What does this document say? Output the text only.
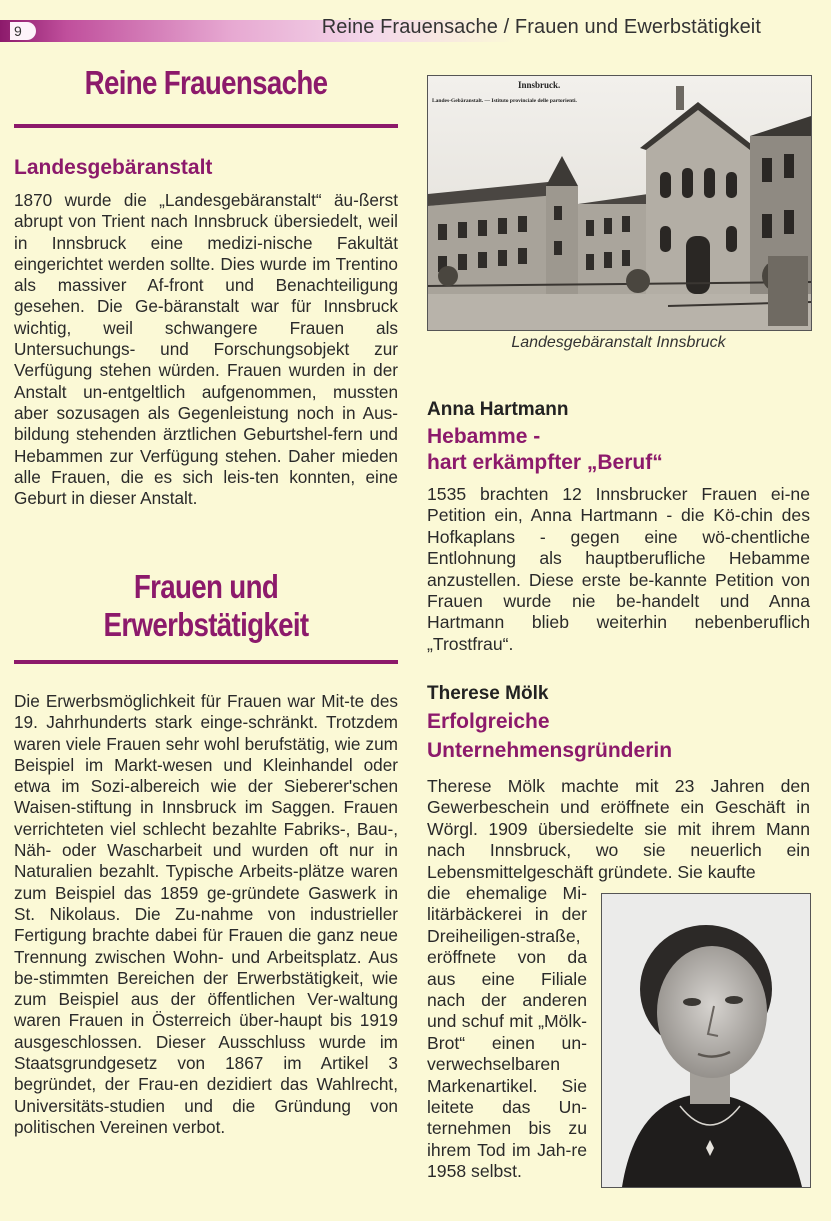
9	Reine Frauensache / Frauen und Ewerbstätigkeit
Reine Frauensache
Landesgebäranstalt
1870 wurde die „Landesgebäranstalt“ äu-ßerst abrupt von Trient nach Innsbruck übersiedelt, weil in Innsbruck eine medizi-nische Fakultät eingerichtet werden sollte. Dies wurde im Trentino als massiver Af-front und Benachteiligung gesehen. Die Ge-bäranstalt war für Innsbruck wichtig, weil schwangere Frauen als Untersuchungs- und Forschungsobjekt zur Verfügung stehen würden. Frauen wurden in der Anstalt un-entgeltlich aufgenommen, mussten aber sozusagen als Gegenleistung noch in Aus-bildung stehenden ärztlichen Geburtshel-fern und Hebammen zur Verfügung stehen. Daher mieden alle Frauen, die es sich leis-ten konnten, eine Geburt in dieser Anstalt.
Frauen und
Erwerbstätigkeit
Die Erwerbsmöglichkeit für Frauen war Mit-te des 19. Jahrhunderts stark einge-schränkt. Trotzdem waren viele Frauen sehr wohl berufstätig, wie zum Beispiel im Markt-wesen und Kleinhandel oder etwa im Sozi-albereich wie der Sieberer'schen Waisen-stiftung in Innsbruck im Saggen. Frauen verrichteten viel schlecht bezahlte Fabriks-, Bau-, Näh- oder Wascharbeit und wurden oft nur in Naturalien bezahlt. Typische Arbeits-plätze waren zum Beispiel das 1859 ge-gründete Gaswerk in St. Nikolaus. Die Zu-nahme von industrieller Fertigung brachte dabei für Frauen die ganz neue Trennung zwischen Wohn- und Arbeitsplatz. Aus be-stimmten Bereichen der Erwerbstätigkeit, wie zum Beispiel aus der öffentlichen Ver-waltung waren Frauen in Österreich über-haupt bis 1919 ausgeschlossen. Dieser Ausschluss wurde im Staatsgrundgesetz von 1867 im Artikel 3 begründet, der Frau-en dezidiert das Wahlrecht, Universitäts-studien und die Gründung von politischen Vereinen verbot.
Innsbruck.
Landes-Gebäranstalt. — Istituto provinciale delle partorienti.
Landesgebäranstalt Innsbruck
Anna Hartmann
Hebamme -
hart erkämpfter „Beruf“
1535 brachten 12 Innsbrucker Frauen ei-ne Petition ein, Anna Hartmann - die Kö-chin des Hofkaplans - gegen eine wö-chentliche Entlohnung als hauptberufliche Hebamme anzustellen. Diese erste be-kannte Petition von Frauen wurde nie be-handelt und Anna Hartmann blieb weiterhin nebenberuflich „Trostfrau“.
Therese Mölk
Erfolgreiche
Unternehmensgründerin
Therese Mölk machte mit 23 Jahren den Gewerbeschein und eröffnete ein Geschäft in Wörgl. 1909 übersiedelte sie mit ihrem Mann nach Innsbruck, wo sie neuerlich ein Lebensmittelgeschäft gründete. Sie kaufte
die ehemalige Mi-litärbäckerei in der Dreiheiligen-straße, eröffnete von da aus eine Filiale nach der anderen und schuf mit „Mölk-Brot“ einen un-verwechselbaren Markenartikel. Sie leitete das Un-ternehmen bis zu ihrem Tod im Jah-re 1958 selbst.
